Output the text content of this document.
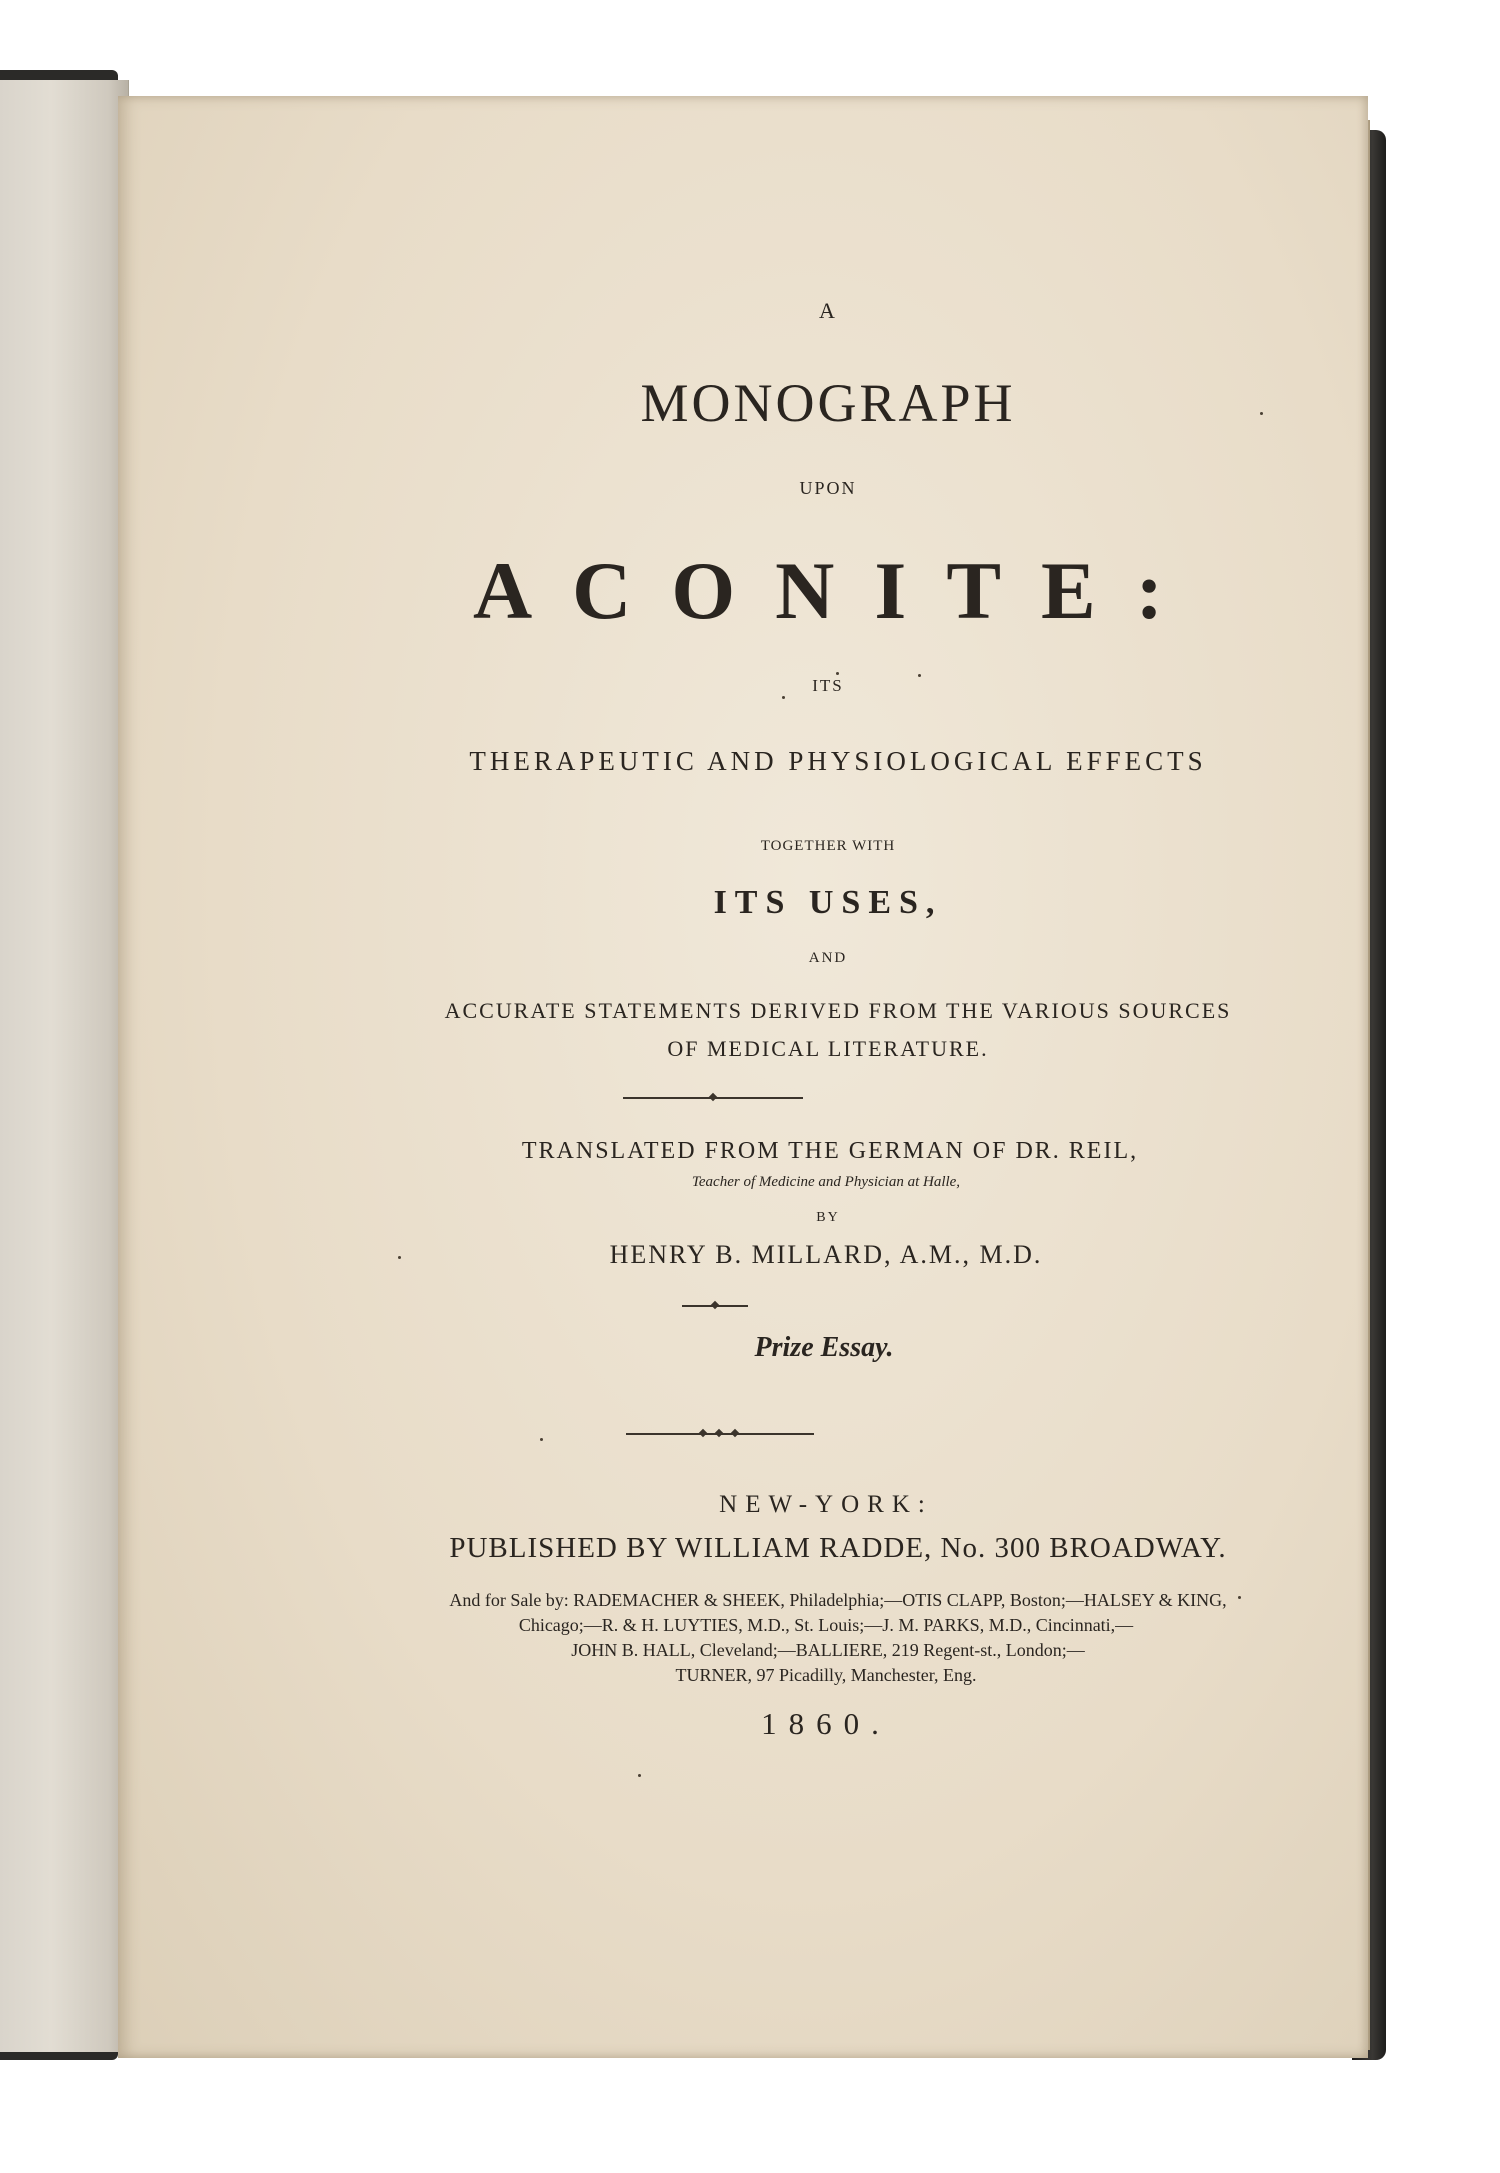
A
MONOGRAPH
UPON
ACONITE:
ITS
THERAPEUTIC AND PHYSIOLOGICAL EFFECTS
TOGETHER WITH
ITS USES,
AND
ACCURATE STATEMENTS DERIVED FROM THE VARIOUS SOURCES
OF MEDICAL LITERATURE.
TRANSLATED FROM THE GERMAN OF DR. REIL,
Teacher of Medicine and Physician at Halle,
BY
HENRY B. MILLARD, A.M., M.D.
Prize Essay.
NEW-YORK:
PUBLISHED BY WILLIAM RADDE, No. 300 BROADWAY.
And for Sale by: RADEMACHER & SHEEK, Philadelphia;—OTIS CLAPP, Boston;—HALSEY & KING,
Chicago;—R. & H. LUYTIES, M.D., St. Louis;—J. M. PARKS, M.D., Cincinnati,—
JOHN B. HALL, Cleveland;—BALLIERE, 219 Regent-st., London;—
TURNER, 97 Picadilly, Manchester, Eng.
1860.
